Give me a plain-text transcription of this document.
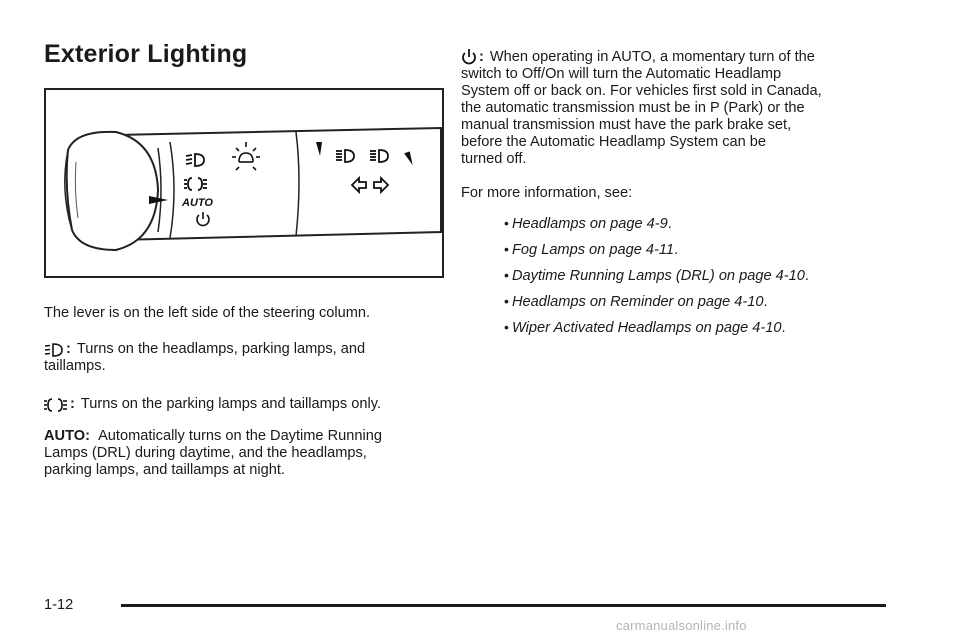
Exterior Lighting
AUTO
The lever is on the left side of the steering column.
: Turns on the headlamps, parking lamps, and
taillamps.
: Turns on the parking lamps and taillamps only.
AUTO: Automatically turns on the Daytime Running
Lamps (DRL) during daytime, and the headlamps,
parking lamps, and taillamps at night.
: When operating in AUTO, a momentary turn of the
switch to Off/On will turn the Automatic Headlamp
System off or back on. For vehicles first sold in Canada,
the automatic transmission must be in P (Park) or the
manual transmission must have the park brake set,
before the Automatic Headlamp System can be
turned off.
For more information, see:
• Headlamps on page 4-9.
• Fog Lamps on page 4-11.
• Daytime Running Lamps (DRL) on page 4-10.
• Headlamps on Reminder on page 4-10.
• Wiper Activated Headlamps on page 4-10.
1-12
carmanualsonline.info
